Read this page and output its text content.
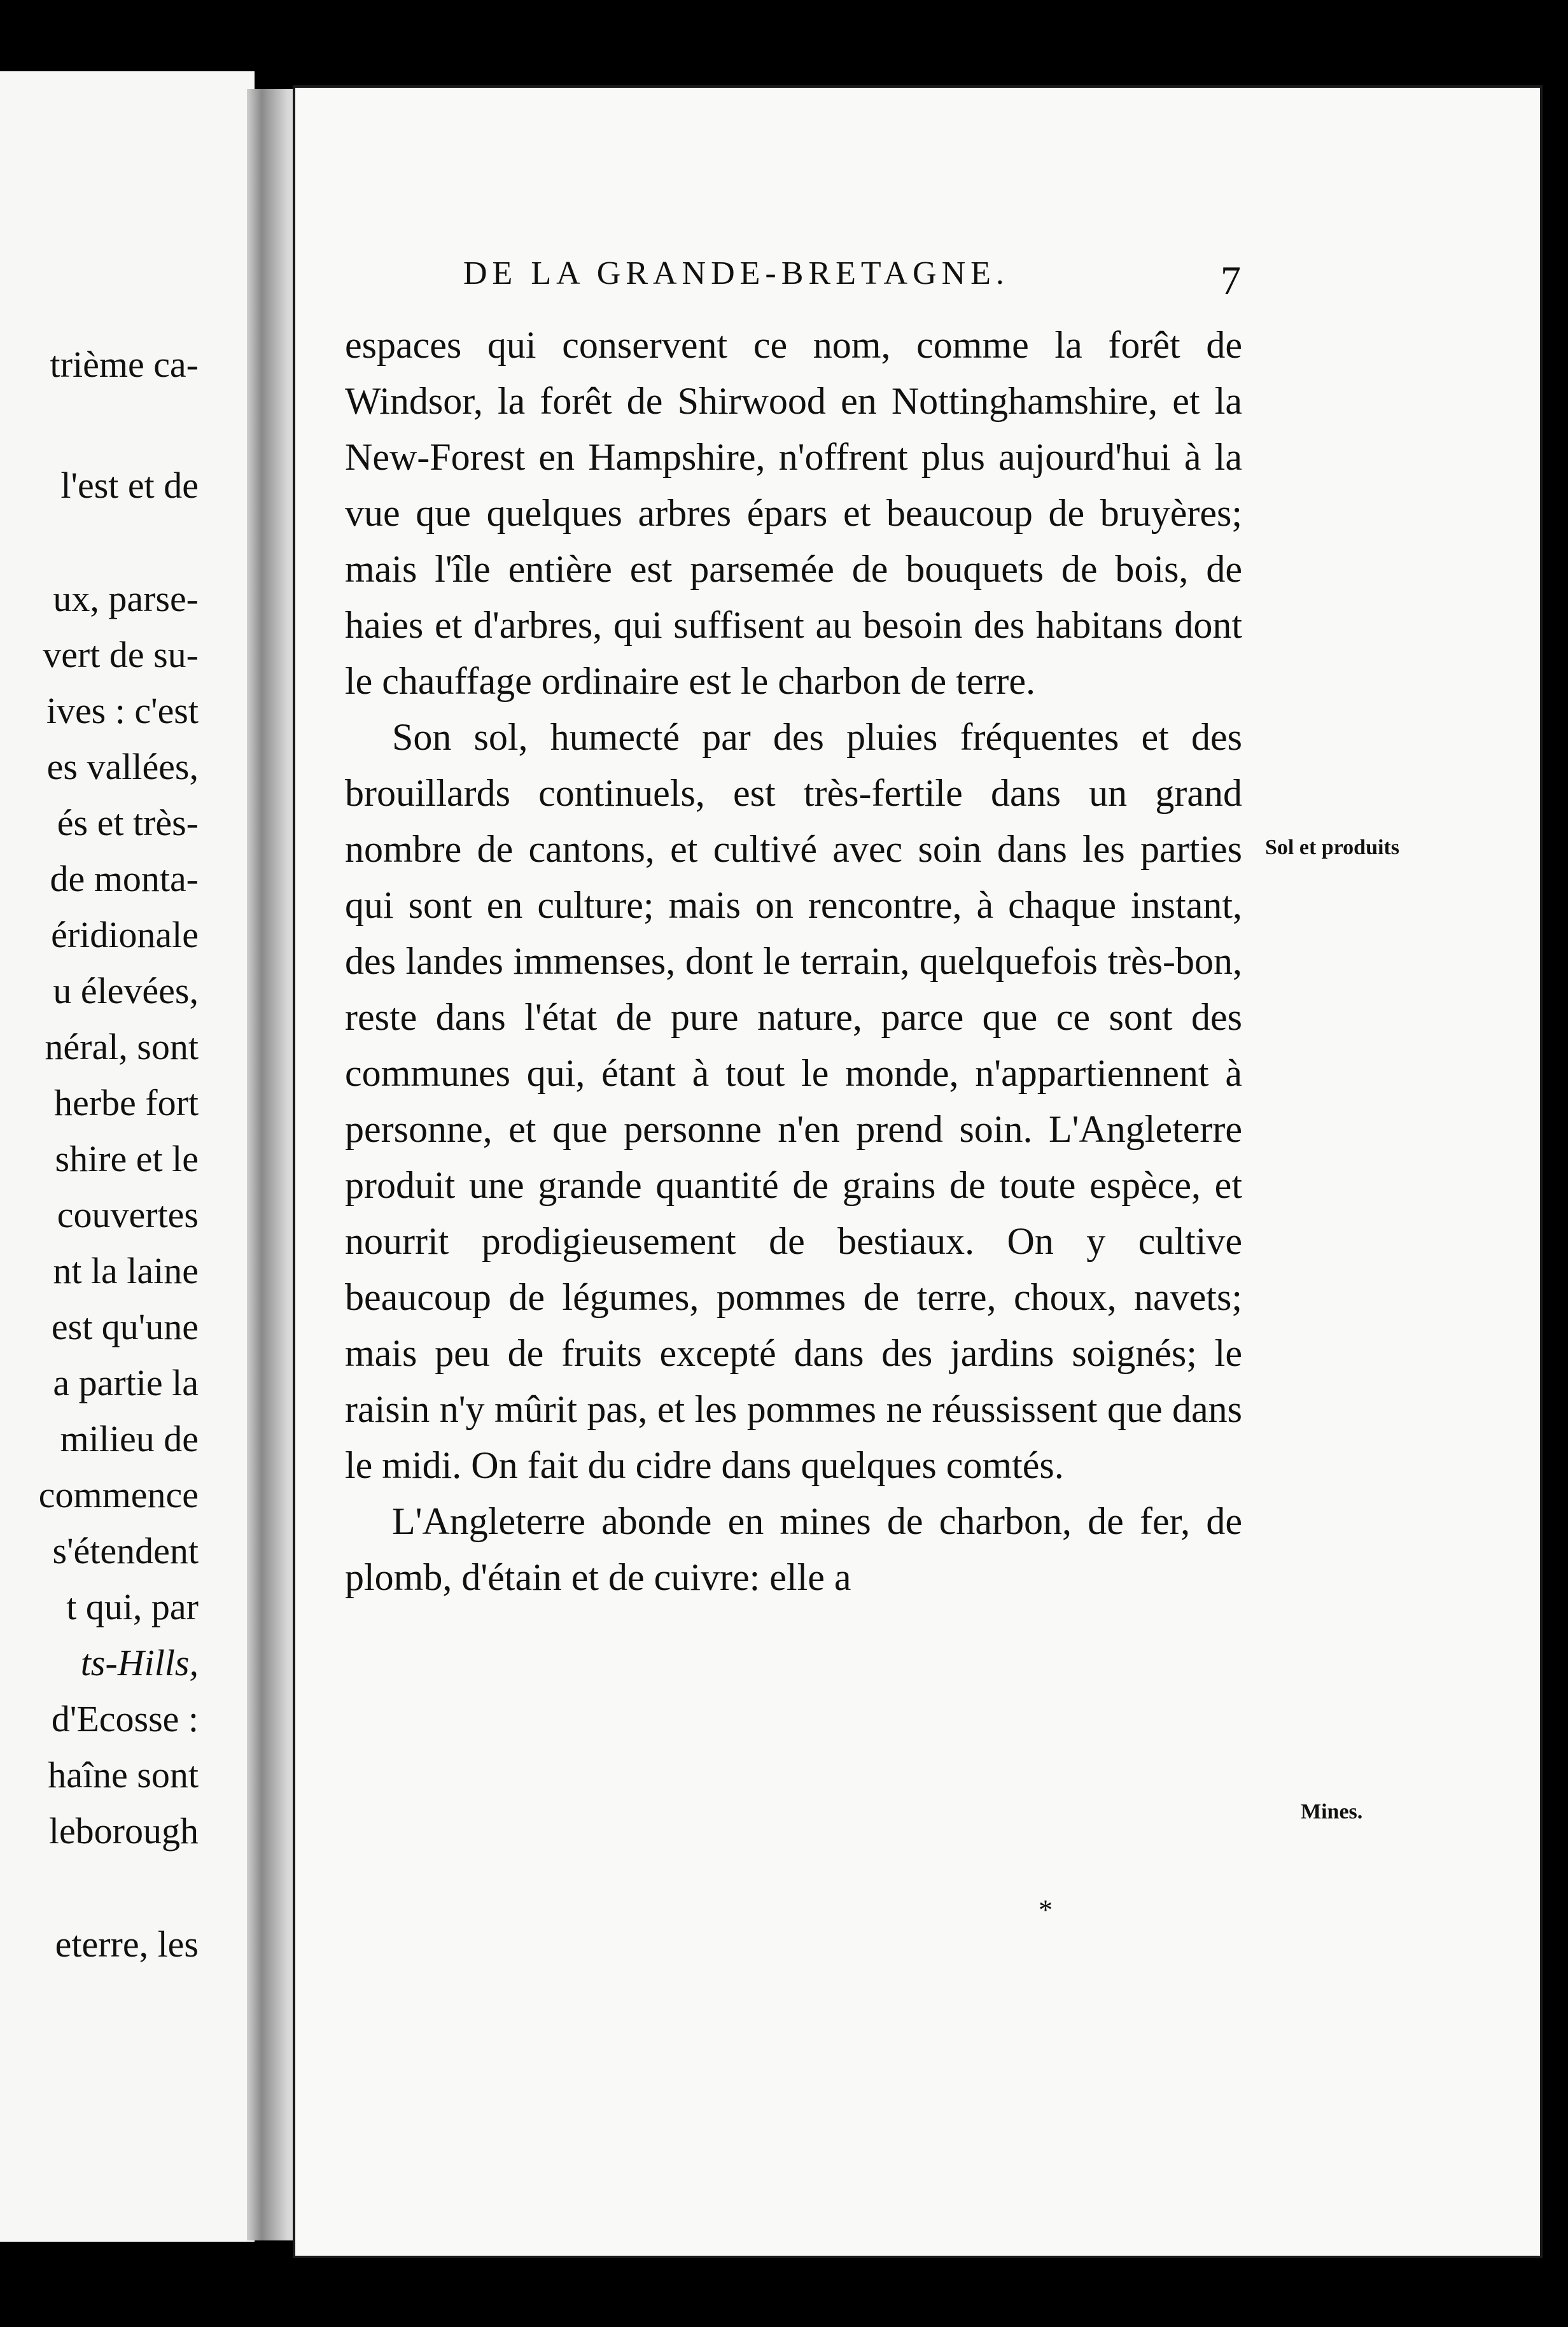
trième ca-
l'est et de
ux, parse-
vert de su-
ives : c'est
es vallées,
és et très-
de monta-
éridionale
u élevées,
néral, sont
herbe fort
shire et le
couvertes
nt la laine
est qu'une
a partie la
milieu de
commence
s'étendent
t qui, par
ts-Hills,
d'Ecosse :
haîne sont
leborough
eterre, les
DE LA GRANDE-BRETAGNE.	7

espaces qui conservent ce nom, comme la forêt de Windsor, la forêt de Shirwood en Nottinghamshire, et la New-Forest en Hampshire, n'offrent plus aujourd'hui à la vue que quelques arbres épars et beaucoup de bruyères; mais l'île entière est parsemée de bouquets de bois, de haies et d'arbres, qui suffisent au besoin des habitans dont le chauffage ordinaire est le charbon de terre.

Son sol, humecté par des pluies fréquentes et des brouillards continuels, est très-fertile dans un grand nombre de cantons, et cultivé avec soin dans les parties qui sont en culture; mais on rencontre, à chaque instant, des landes immenses, dont le terrain, quelquefois très-bon, reste dans l'état de pure nature, parce que ce sont des communes qui, étant à tout le monde, n'appartiennent à personne, et que personne n'en prend soin. L'Angleterre produit une grande quantité de grains de toute espèce, et nourrit prodigieusement de bestiaux. On y cultive beaucoup de légumes, pommes de terre, choux, navets; mais peu de fruits excepté dans des jardins soignés; le raisin n'y mûrit pas, et les pommes ne réussissent que dans le midi. On fait du cidre dans quelques comtés.

L'Angleterre abonde en mines de charbon, de fer, de plomb, d'étain et de cuivre: elle a

Sol et produits
Mines.
*
